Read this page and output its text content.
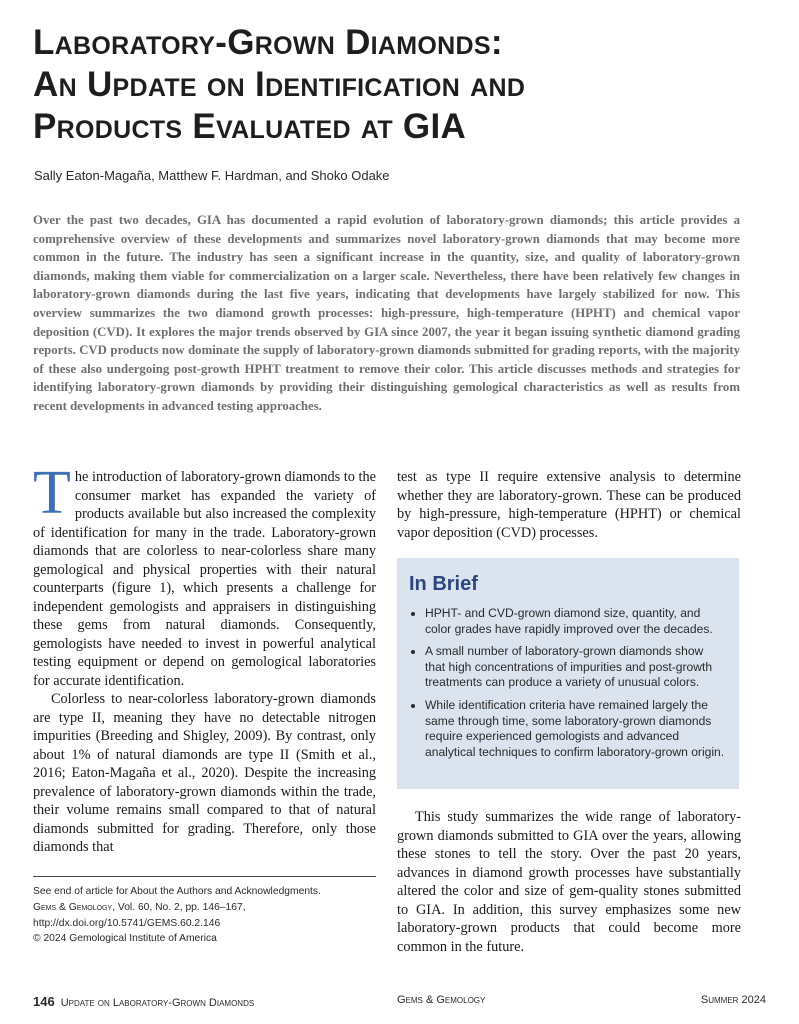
Laboratory-Grown Diamonds:
An Update on Identification and
Products Evaluated at GIA
Sally Eaton-Magaña, Matthew F. Hardman, and Shoko Odake

Over the past two decades, GIA has documented a rapid evolution of laboratory-grown diamonds; this article provides a comprehensive overview of these developments and summarizes novel laboratory-grown diamonds that may become more common in the future. The industry has seen a significant increase in the quantity, size, and quality of laboratory-grown diamonds, making them viable for commercialization on a larger scale. Nevertheless, there have been relatively few changes in laboratory-grown diamonds during the last five years, indicating that developments have largely stabilized for now. This overview summarizes the two diamond growth processes: high-pressure, high-temperature (HPHT) and chemical vapor deposition (CVD). It explores the major trends observed by GIA since 2007, the year it began issuing synthetic diamond grading reports. CVD products now dominate the supply of laboratory-grown diamonds submitted for grading reports, with the majority of these also undergoing post-growth HPHT treatment to remove their color. This article discusses methods and strategies for identifying laboratory-grown diamonds by providing their distinguishing gemological characteristics as well as results from recent developments in advanced testing approaches.

The introduction of laboratory-grown diamonds to the consumer market has expanded the variety of products available but also increased the complexity of identification for many in the trade. Laboratory-grown diamonds that are colorless to near-colorless share many gemological and physical properties with their natural counterparts (figure 1), which presents a challenge for independent gemologists and appraisers in distinguishing these gems from natural diamonds. Consequently, gemologists have needed to invest in powerful analytical testing equipment or depend on gemological laboratories for accurate identification.

Colorless to near-colorless laboratory-grown diamonds are type II, meaning they have no detectable nitrogen impurities (Breeding and Shigley, 2009). By contrast, only about 1% of natural diamonds are type II (Smith et al., 2016; Eaton-Magaña et al., 2020). Despite the increasing prevalence of laboratory-grown diamonds within the trade, their volume remains small compared to that of natural diamonds submitted for grading. Therefore, only those diamonds that

test as type II require extensive analysis to determine whether they are laboratory-grown. These can be produced by high-pressure, high-temperature (HPHT) or chemical vapor deposition (CVD) processes.

In Brief
• HPHT- and CVD-grown diamond size, quantity, and color grades have rapidly improved over the decades.
• A small number of laboratory-grown diamonds show that high concentrations of impurities and post-growth treatments can produce a variety of unusual colors.
• While identification criteria have remained largely the same through time, some laboratory-grown diamonds require experienced gemologists and advanced analytical techniques to confirm laboratory-grown origin.

This study summarizes the wide range of laboratory-grown diamonds submitted to GIA over the years, allowing these stones to tell the story. Over the past 20 years, advances in diamond growth processes have substantially altered the color and size of gem-quality stones submitted to GIA. In addition, this survey emphasizes some new laboratory-grown products that could become more common in the future.

See end of article for About the Authors and Acknowledgments.
Gems & Gemology, Vol. 60, No. 2, pp. 146–167,
http://dx.doi.org/10.5741/GEMS.60.2.146
© 2024 Gemological Institute of America
146 Update on Laboratory-Grown Diamonds	Gems & Gemology	Summer 2024
